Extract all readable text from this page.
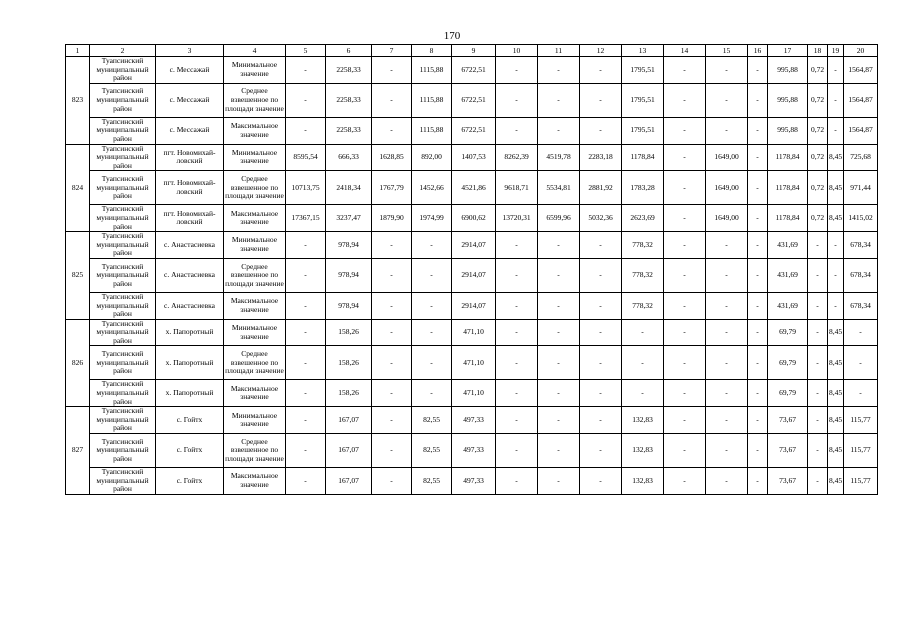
170
1	2	3	4	5	6	7	8	9	10	11	12	13	14	15	16	17	18	19	20
823	Туапсинский муниципальный район	с. Мессажай	Минимальное значение	-	2258,33	-	1115,88	6722,51	-	-	-	1795,51	-	-	-	995,88	0,72	-	1564,87
	Туапсинский муниципальный район	с. Мессажай	Среднее взвешенное по площади значение	-	2258,33	-	1115,88	6722,51	-	-	-	1795,51	-	-	-	995,88	0,72	-	1564,87
	Туапсинский муниципальный район	с. Мессажай	Максимальное значение	-	2258,33	-	1115,88	6722,51	-	-	-	1795,51	-	-	-	995,88	0,72	-	1564,87
824	Туапсинский муниципальный район	пгт. Новомихай-ловский	Минимальное значение	8595,54	666,33	1628,85	892,00	1407,53	8262,39	4519,78	2283,18	1178,84	-	1649,00	-	1178,84	0,72	8,45	725,68
	Туапсинский муниципальный район	пгт. Новомихай-ловский	Среднее взвешенное по площади значение	10713,75	2418,34	1767,79	1452,66	4521,86	9618,71	5534,81	2881,92	1783,28	-	1649,00	-	1178,84	0,72	8,45	971,44
	Туапсинский муниципальный район	пгт. Новомихай-ловский	Максимальное значение	17367,15	3237,47	1879,90	1974,99	6900,62	13720,31	6599,96	5032,36	2623,69	-	1649,00	-	1178,84	0,72	8,45	1415,02
825	Туапсинский муниципальный район	с. Анастасиевка	Минимальное значение	-	978,94	-	-	2914,07	-	-	-	778,32	-	-	-	431,69	-	-	678,34
	Туапсинский муниципальный район	с. Анастасиевка	Среднее взвешенное по площади значение	-	978,94	-	-	2914,07	-	-	-	778,32	-	-	-	431,69	-	-	678,34
	Туапсинский муниципальный район	с. Анастасиевка	Максимальное значение	-	978,94	-	-	2914,07	-	-	-	778,32	-	-	-	431,69	-	-	678,34
826	Туапсинский муниципальный район	х. Папоротный	Минимальное значение	-	158,26	-	-	471,10	-	-	-	-	-	-	-	69,79	-	8,45	-
	Туапсинский муниципальный район	х. Папоротный	Среднее взвешенное по площади значение	-	158,26	-	-	471,10	-	-	-	-	-	-	-	69,79	-	8,45	-
	Туапсинский муниципальный район	х. Папоротный	Максимальное значение	-	158,26	-	-	471,10	-	-	-	-	-	-	-	69,79	-	8,45	-
827	Туапсинский муниципальный район	с. Гойтх	Минимальное значение	-	167,07	-	82,55	497,33	-	-	-	132,83	-	-	-	73,67	-	8,45	115,77
	Туапсинский муниципальный район	с. Гойтх	Среднее взвешенное по площади значение	-	167,07	-	82,55	497,33	-	-	-	132,83	-	-	-	73,67	-	8,45	115,77
	Туапсинский муниципальный район	с. Гойтх	Максимальное значение	-	167,07	-	82,55	497,33	-	-	-	132,83	-	-	-	73,67	-	8,45	115,77
